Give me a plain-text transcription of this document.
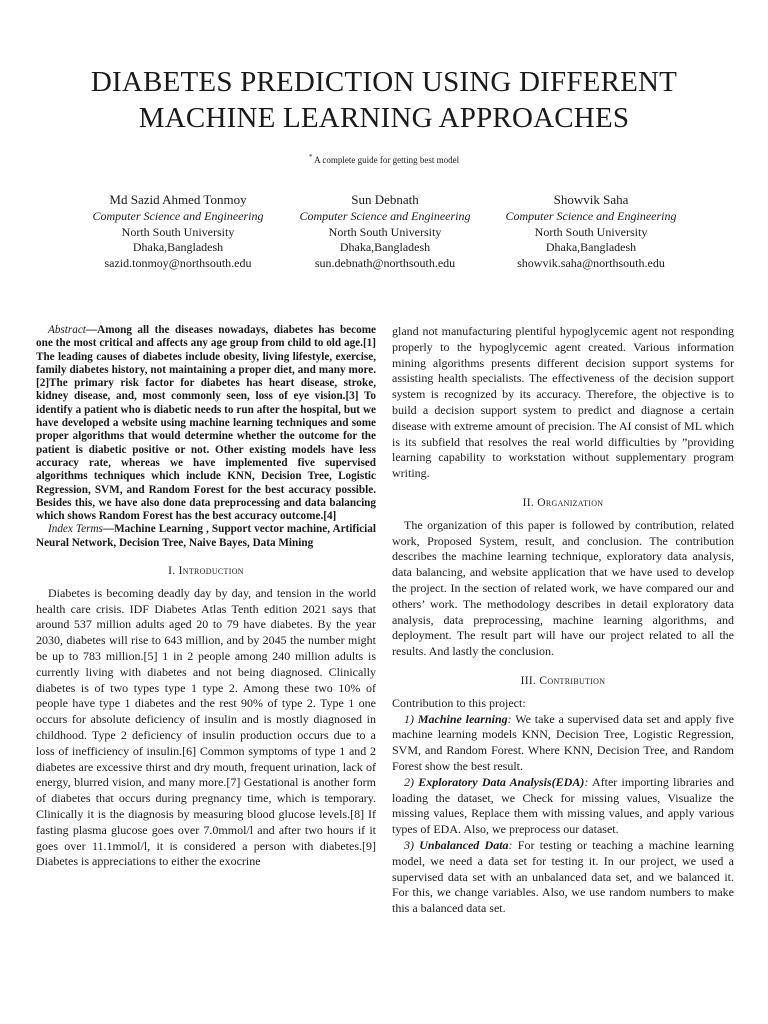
DIABETES PREDICTION USING DIFFERENT
MACHINE LEARNING APPROACHES
* A complete guide for getting best model
Md Sazid Ahmed Tonmoy
Computer Science and Engineering
North South University
Dhaka,Bangladesh
sazid.tonmoy@northsouth.edu
Sun Debnath
Computer Science and Engineering
North South University
Dhaka,Bangladesh
sun.debnath@northsouth.edu
Showvik Saha
Computer Science and Engineering
North South University
Dhaka,Bangladesh
showvik.saha@northsouth.edu

Abstract—Among all the diseases nowadays, diabetes has become one the most critical and affects any age group from child to old age.[1] The leading causes of diabetes include obesity, living lifestyle, exercise, family diabetes history, not maintaining a proper diet, and many more.[2]The primary risk factor for diabetes has heart disease, stroke, kidney disease, and, most commonly seen, loss of eye vision.[3] To identify a patient who is diabetic needs to run after the hospital, but we have developed a website using machine learning techniques and some proper algorithms that would determine whether the outcome for the patient is diabetic positive or not. Other existing models have less accuracy rate, whereas we have implemented five supervised algorithms techniques which include KNN, Decision Tree, Logistic Regression, SVM, and Random Forest for the best accuracy possible. Besides this, we have also done data preprocessing and data balancing which shows Random Forest has the best accuracy outcome.[4]

Index Terms—Machine Learning , Support vector machine, Artificial Neural Network, Decision Tree, Naive Bayes, Data Mining

I. Introduction

Diabetes is becoming deadly day by day, and tension in the world health care crisis. IDF Diabetes Atlas Tenth edition 2021 says that around 537 million adults aged 20 to 79 have diabetes. By the year 2030, diabetes will rise to 643 million, and by 2045 the number might be up to 783 million.[5] 1 in 2 people among 240 million adults is currently living with diabetes and not being diagnosed. Clinically diabetes is of two types type 1 type 2. Among these two 10% of people have type 1 diabetes and the rest 90% of type 2. Type 1 one occurs for absolute deficiency of insulin and is mostly diagnosed in childhood. Type 2 deficiency of insulin production occurs due to a loss of inefficiency of insulin.[6] Common symptoms of type 1 and 2 diabetes are excessive thirst and dry mouth, frequent urination, lack of energy, blurred vision, and many more.[7] Gestational is another form of diabetes that occurs during pregnancy time, which is temporary. Clinically it is the diagnosis by measuring blood glucose levels.[8] If fasting plasma glucose goes over 7.0mmol/l and after two hours if it goes over 11.1mmol/l, it is considered a person with diabetes.[9] Diabetes is appreciations to either the exocrine

gland not manufacturing plentiful hypoglycemic agent not responding properly to the hypoglycemic agent created. Various information mining algorithms presents different decision support systems for assisting health specialists. The effectiveness of the decision support system is recognized by its accuracy. Therefore, the objective is to build a decision support system to predict and diagnose a certain disease with extreme amount of precision. The AI consist of ML which is its subfield that resolves the real world difficulties by ”providing learning capability to workstation without supplementary program writing.

II. Organization

The organization of this paper is followed by contribution, related work, Proposed System, result, and conclusion. The contribution describes the machine learning technique, exploratory data analysis, data balancing, and website application that we have used to develop the project. In the section of related work, we have compared our and others’ work. The methodology describes in detail exploratory data analysis, data preprocessing, machine learning algorithms, and deployment. The result part will have our project related to all the results. And lastly the conclusion.

III. Contribution

Contribution to this project:

1) Machine learning: We take a supervised data set and apply five machine learning models KNN, Decision Tree, Logistic Regression, SVM, and Random Forest. Where KNN, Decision Tree, and Random Forest show the best result.

2) Exploratory Data Analysis(EDA): After importing libraries and loading the dataset, we Check for missing values, Visualize the missing values, Replace them with missing values, and apply various types of EDA. Also, we preprocess our dataset.

3) Unbalanced Data: For testing or teaching a machine learning model, we need a data set for testing it. In our project, we used a supervised data set with an unbalanced data set, and we balanced it. For this, we change variables. Also, we use random numbers to make this a balanced data set.
